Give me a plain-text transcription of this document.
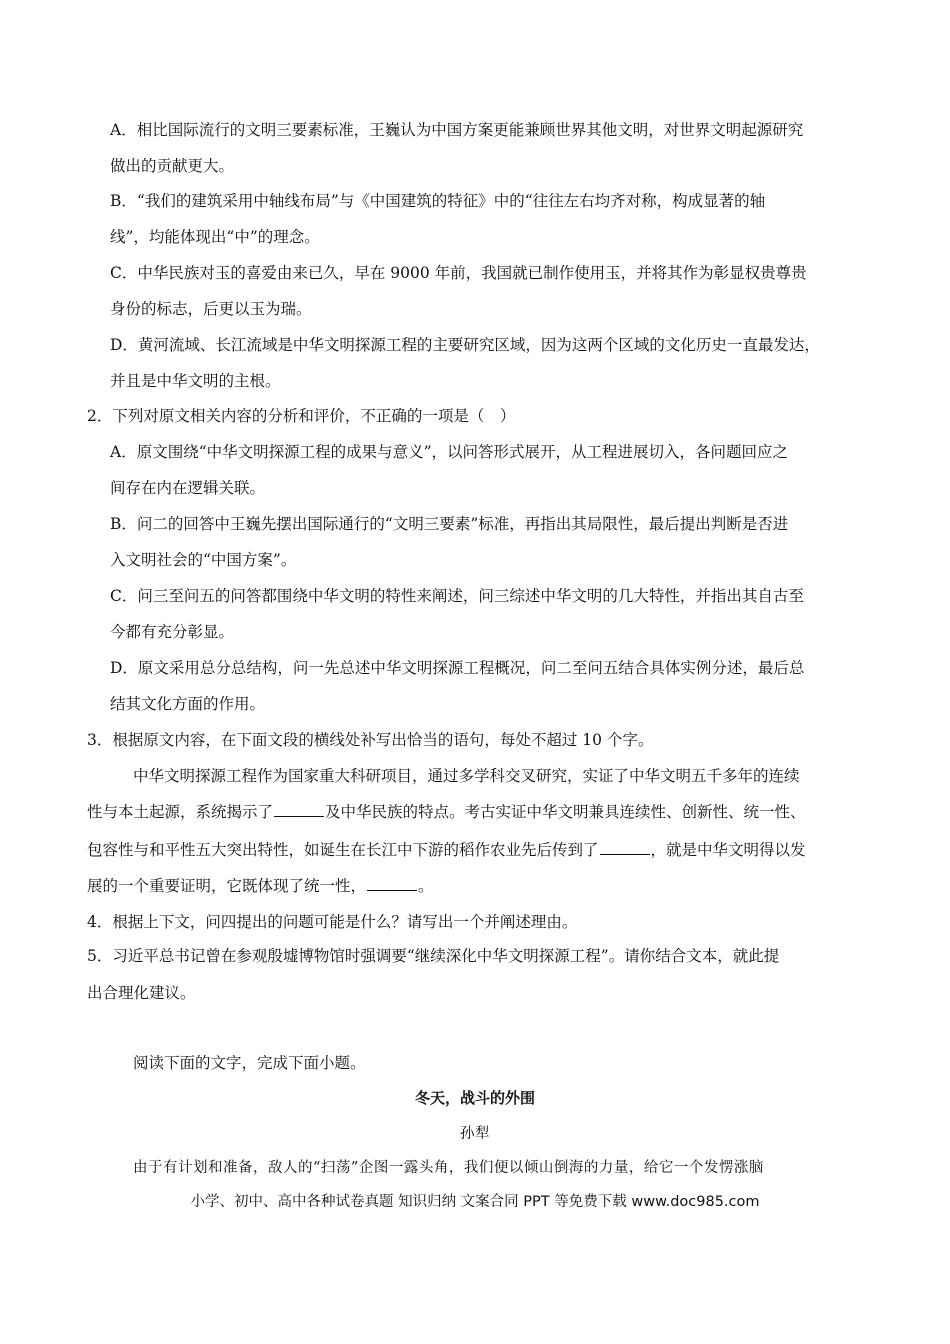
A．相比国际流行的文明三要素标准，王巍认为中国方案更能兼顾世界其他文明，对世界文明起源研究
做出的贡献更大。
B．“我们的建筑采用中轴线布局”与《中国建筑的特征》中的“往往左右均齐对称，构成显著的轴
线”，均能体现出“中”的理念。
C．中华民族对玉的喜爱由来已久，早在 9000 年前，我国就已制作使用玉，并将其作为彰显权贵尊贵
身份的标志，后更以玉为瑞。
D．黄河流域、长江流域是中华文明探源工程的主要研究区域，因为这两个区域的文化历史一直最发达，
并且是中华文明的主根。
2．下列对原文相关内容的分析和评价，不正确的一项是（　）
A．原文围绕“中华文明探源工程的成果与意义”，以问答形式展开，从工程进展切入，各问题回应之
间存在内在逻辑关联。
B．问二的回答中王巍先摆出国际通行的“文明三要素”标准，再指出其局限性，最后提出判断是否进
入文明社会的“中国方案”。
C．问三至问五的问答都围绕中华文明的特性来阐述，问三综述中华文明的几大特性，并指出其自古至
今都有充分彰显。
D．原文采用总分总结构，问一先总述中华文明探源工程概况，问二至问五结合具体实例分述，最后总
结其文化方面的作用。
3．根据原文内容，在下面文段的横线处补写出恰当的语句，每处不超过 10 个字。
中华文明探源工程作为国家重大科研项目，通过多学科交叉研究，实证了中华文明五千多年的连续
性与本土起源，系统揭示了	及中华民族的特点。考古实证中华文明兼具连续性、创新性、统一性、
包容性与和平性五大突出特性，如诞生在长江中下游的稻作农业先后传到了	，就是中华文明得以发
展的一个重要证明，它既体现了统一性，	。
4．根据上下文，问四提出的问题可能是什么？请写出一个并阐述理由。
5．习近平总书记曾在参观殷墟博物馆时强调要“继续深化中华文明探源工程”。请你结合文本，就此提
出合理化建议。
阅读下面的文字，完成下面小题。
冬天，战斗的外围
孙犁
由于有计划和准备，敌人的“扫荡”企图一露头角，我们便以倾山倒海的力量，给它一个发愣涨脑
小学、初中、高中各种试卷真题 知识归纳 文案合同 PPT 等免费下载 www.doc985.com
